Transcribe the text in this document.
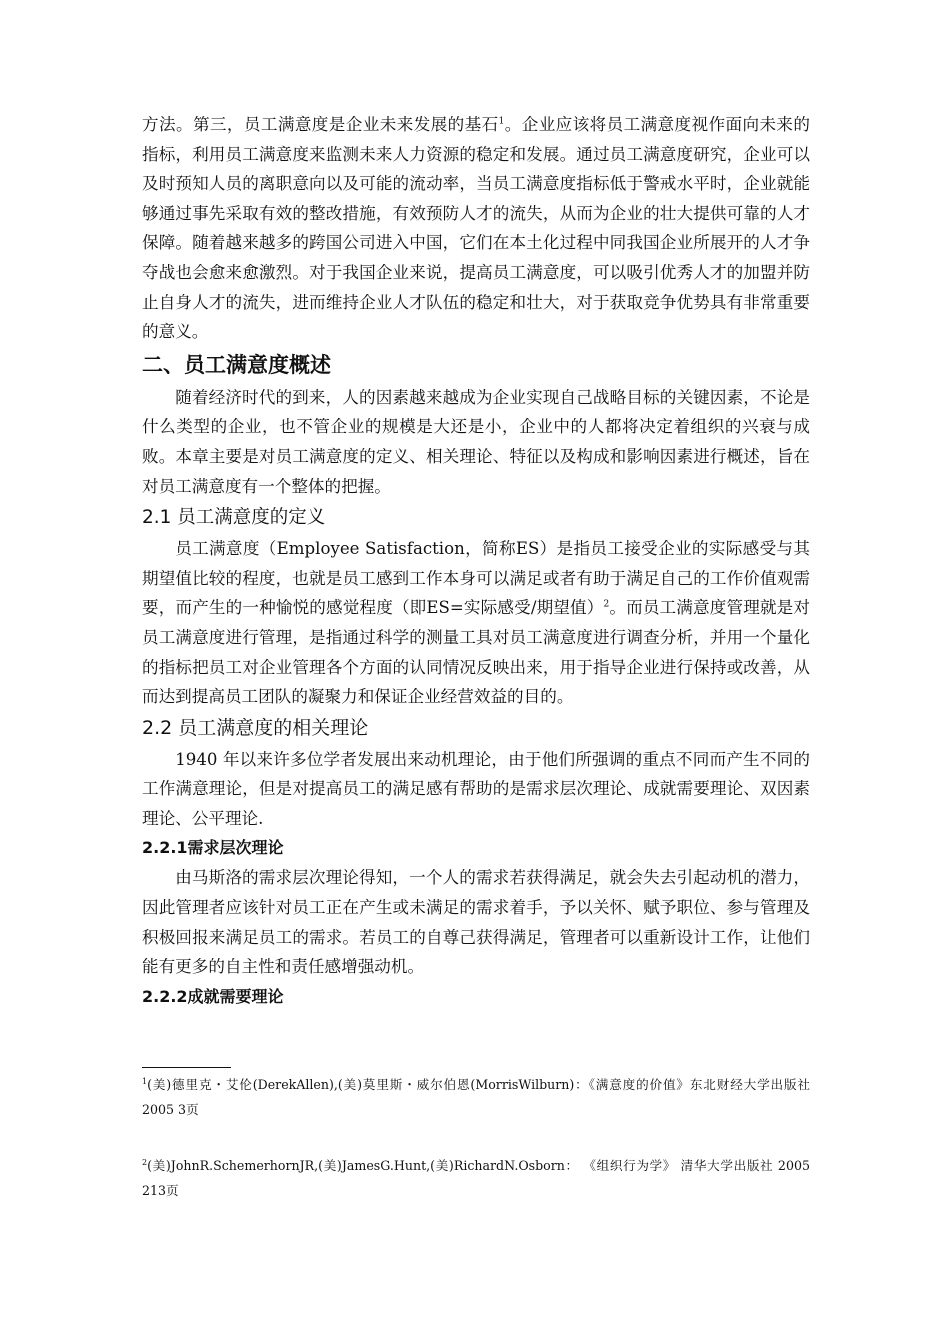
方法。第三，员工满意度是企业未来发展的基石$^1$。企业应该将员工满意度视作面向未来的指标，利用员工满意度来监测未来人力资源的稳定和发展。通过员工满意度研究，企业可以及时预知人员的离职意向以及可能的流动率，当员工满意度指标低于警戒水平时，企业就能够通过事先采取有效的整改措施，有效预防人才的流失，从而为企业的壮大提供可靠的人才保障。随着越来越多的跨国公司进入中国，它们在本土化过程中同我国企业所展开的人才争夺战也会愈来愈激烈。对于我国企业来说，提高员工满意度，可以吸引优秀人才的加盟并防止自身人才的流失，进而维持企业人才队伍的稳定和壮大，对于获取竞争优势具有非常重要的意义。

二、员工满意度概述

随着经济时代的到来，人的因素越来越成为企业实现自己战略目标的关键因素，不论是什么类型的企业，也不管企业的规模是大还是小，企业中的人都将决定着组织的兴衰与成败。本章主要是对员工满意度的定义、相关理论、特征以及构成和影响因素进行概述，旨在对员工满意度有一个整体的把握。

2.1 员工满意度的定义

员工满意度（Employee Satisfaction，简称ES）是指员工接受企业的实际感受与其期望值比较的程度，也就是员工感到工作本身可以满足或者有助于满足自己的工作价值观需要，而产生的一种愉悦的感觉程度（即ES=实际感受/期望值）$^2$。而员工满意度管理就是对员工满意度进行管理，是指通过科学的测量工具对员工满意度进行调查分析，并用一个量化的指标把员工对企业管理各个方面的认同情况反映出来，用于指导企业进行保持或改善，从而达到提高员工团队的凝聚力和保证企业经营效益的目的。

2.2 员工满意度的相关理论

1940 年以来许多位学者发展出来动机理论，由于他们所强调的重点不同而产生不同的工作满意理论，但是对提高员工的满足感有帮助的是需求层次理论、成就需要理论、双因素理论、公平理论.

2.2.1需求层次理论

由马斯洛的需求层次理论得知，一个人的需求若获得满足，就会失去引起动机的潜力，因此管理者应该针对员工正在产生或未满足的需求着手，予以关怀、赋予职位、参与管理及积极回报来满足员工的需求。若员工的自尊己获得满足，管理者可以重新设计工作，让他们能有更多的自主性和责任感增强动机。

2.2.2成就需要理论

$^1$(美)德里克・艾伦(DerekAllen),(美)莫里斯・威尔伯恩(MorrisWilburn)：《满意度的价值》东北财经大学出版社 2005 3页

$^2$(美)JohnR.SchemerhornJR,(美)JamesG.Hunt,(美)RichardN.Osborn： 《组织行为学》 清华大学出版社 2005 213页
